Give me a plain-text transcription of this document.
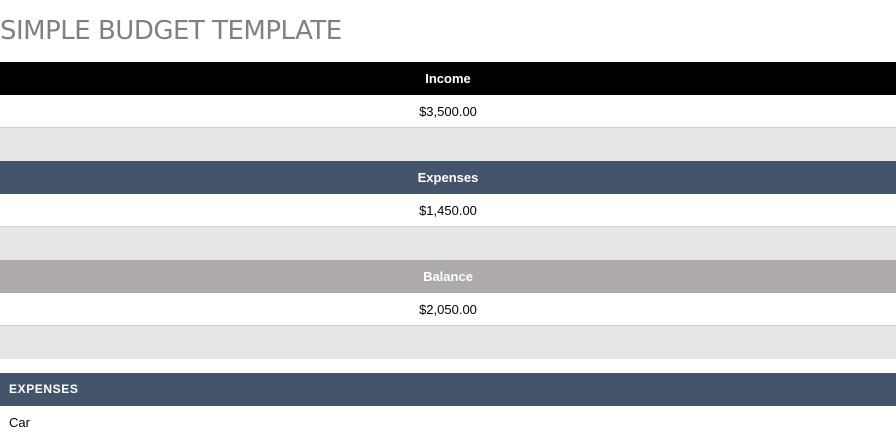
SIMPLE BUDGET TEMPLATE
Income
$3,500.00
Expenses
$1,450.00
Balance
$2,050.00
EXPENSES
Car
